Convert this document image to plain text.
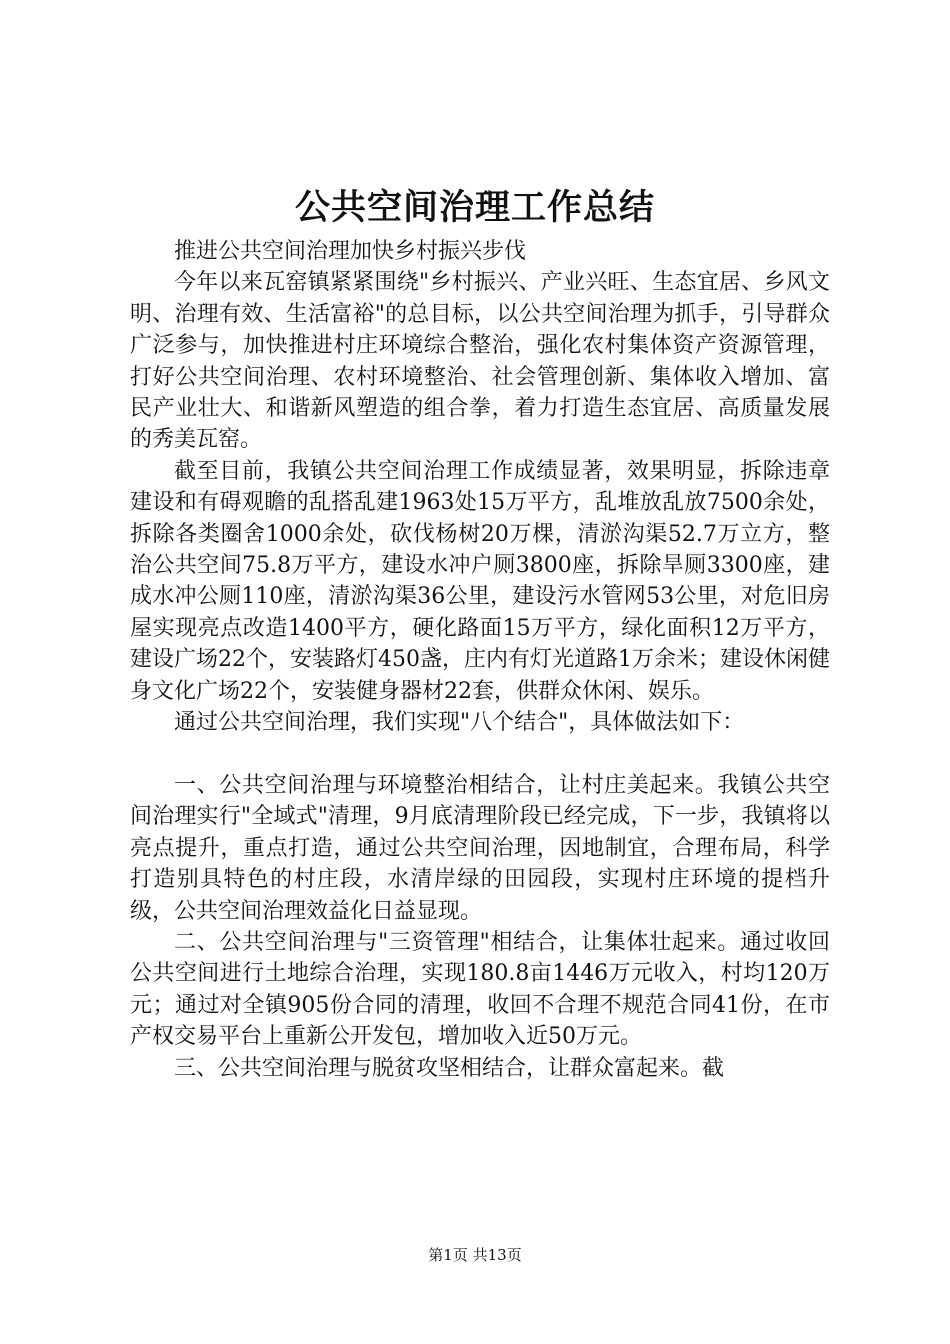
公共空间治理工作总结

推进公共空间治理加快乡村振兴步伐

今年以来瓦窑镇紧紧围绕"乡村振兴、产业兴旺、生态宜居、乡风文明、治理有效、生活富裕"的总目标，以公共空间治理为抓手，引导群众广泛参与，加快推进村庄环境综合整治，强化农村集体资产资源管理，打好公共空间治理、农村环境整治、社会管理创新、集体收入增加、富民产业壮大、和谐新风塑造的组合拳，着力打造生态宜居、高质量发展的秀美瓦窑。

截至目前，我镇公共空间治理工作成绩显著，效果明显，拆除违章建设和有碍观瞻的乱搭乱建1963处15万平方，乱堆放乱放7500余处，拆除各类圈舍1000余处，砍伐杨树20万棵，清淤沟渠52.7万立方，整治公共空间75.8万平方，建设水冲户厕3800座，拆除旱厕3300座，建成水冲公厕110座，清淤沟渠36公里，建设污水管网53公里，对危旧房屋实现亮点改造1400平方，硬化路面15万平方，绿化面积12万平方，建设广场22个，安装路灯450盏，庄内有灯光道路1万余米；建设休闲健身文化广场22个，安装健身器材22套，供群众休闲、娱乐。

通过公共空间治理，我们实现"八个结合"，具体做法如下：

一、公共空间治理与环境整治相结合，让村庄美起来。我镇公共空间治理实行"全域式"清理，9月底清理阶段已经完成，下一步，我镇将以亮点提升，重点打造，通过公共空间治理，因地制宜，合理布局，科学打造别具特色的村庄段，水清岸绿的田园段，实现村庄环境的提档升级，公共空间治理效益化日益显现。

二、公共空间治理与"三资管理"相结合，让集体壮起来。通过收回公共空间进行土地综合治理，实现180.8亩1446万元收入，村均120万元；通过对全镇905份合同的清理，收回不合理不规范合同41份，在市产权交易平台上重新公开发包，增加收入近50万元。

三、公共空间治理与脱贫攻坚相结合，让群众富起来。截

第1页 共13页
